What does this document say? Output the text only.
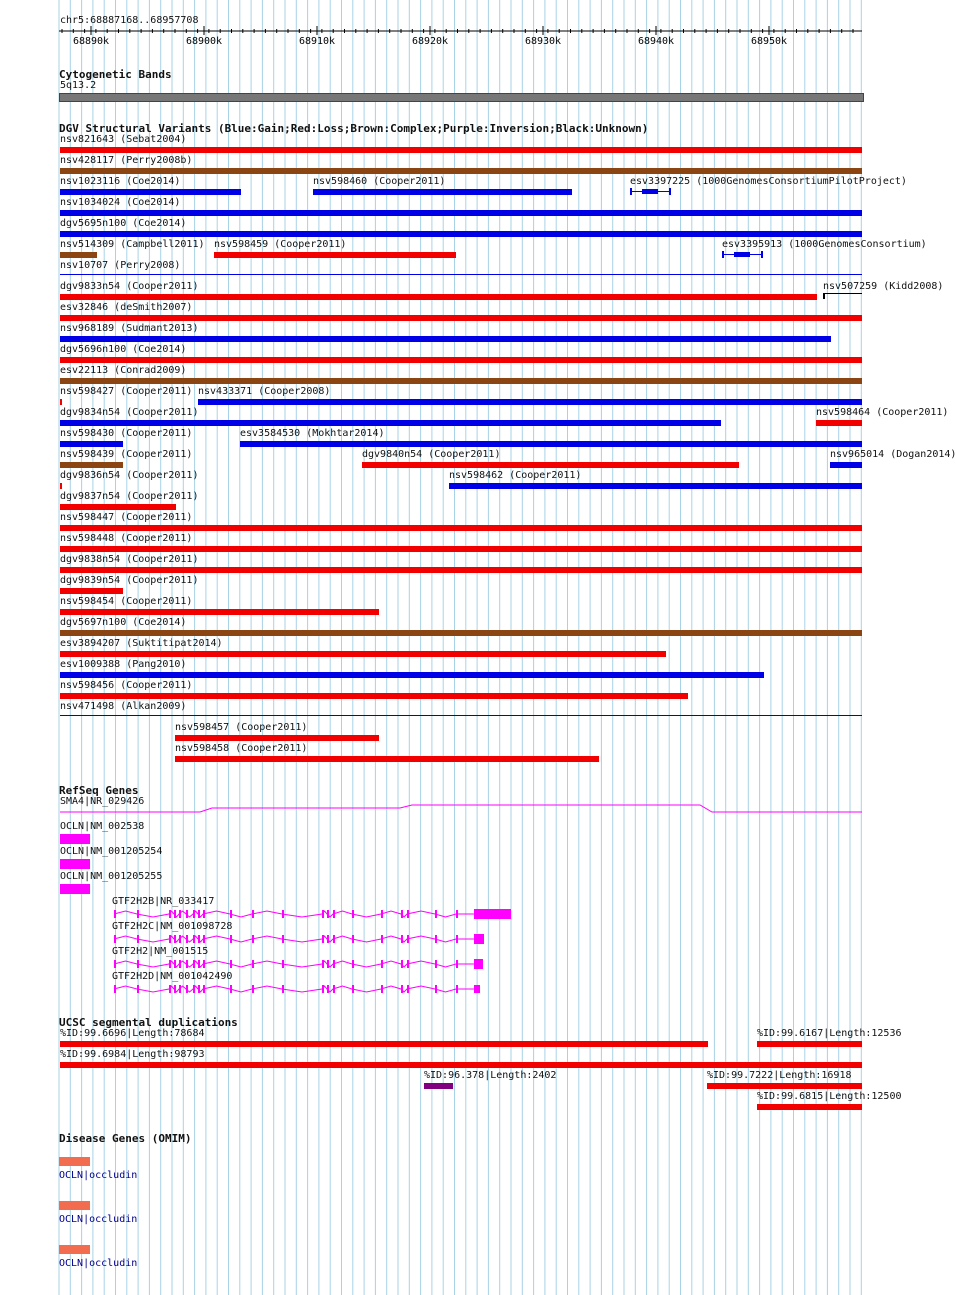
chr5:68887168..68957708
68890k	68900k	68910k	68920k	68930k	68940k	68950k
Cytogenetic Bands
5q13.2
DGV Structural Variants (Blue:Gain;Red:Loss;Brown:Complex;Purple:Inversion;Black:Unknown)
RefSeq Genes
UCSC segmental duplications
Disease Genes (OMIM)
nsv821643 (Sebat2004)
nsv428117 (Perry2008b)
nsv1023116 (Coe2014)	nsv598460 (Cooper2011)	esv3397225 (1000GenomesConsortiumPilotProject)
nsv1034024 (Coe2014)
dgv5695n100 (Coe2014)
nsv514309 (Campbell2011) nsv598459 (Cooper2011)	esv3395913 (1000GenomesConsortium)
nsv10707 (Perry2008)
dgv9833n54 (Cooper2011)	nsv507259 (Kidd2008)
esv32846 (deSmith2007)
nsv968189 (Sudmant2013)
dgv5696n100 (Coe2014)
esv22113 (Conrad2009)
nsv598427 (Cooper2011) nsv433371 (Cooper2008)
dgv9834n54 (Cooper2011)	nsv598464 (Cooper2011)
nsv598430 (Cooper2011)	esv3584530 (Mokhtar2014)
nsv598439 (Cooper2011)	dgv9840n54 (Cooper2011)	nsv965014 (Dogan2014)
dgv9836n54 (Cooper2011)	nsv598462 (Cooper2011)
dgv9837n54 (Cooper2011)
nsv598447 (Cooper2011)
nsv598448 (Cooper2011)
dgv9838n54 (Cooper2011)
dgv9839n54 (Cooper2011)
nsv598454 (Cooper2011)
dgv5697n100 (Coe2014)
esv3894207 (Suktitipat2014)
esv1009388 (Pang2010)
nsv598456 (Cooper2011)
nsv471498 (Alkan2009)
nsv598457 (Cooper2011)
nsv598458 (Cooper2011)
SMA4|NR_029426
OCLN|NM_002538
OCLN|NM_001205254
OCLN|NM_001205255
GTF2H2B|NR_033417
GTF2H2C|NM_001098728
GTF2H2|NM_001515
GTF2H2D|NM_001042490
%ID:99.6696|Length:78684	%ID:99.6167|Length:12536
%ID:99.6984|Length:98793
%ID:96.378|Length:2402	%ID:99.7222|Length:16918
%ID:99.6815|Length:12500
OCLN|occludin
OCLN|occludin
OCLN|occludin
